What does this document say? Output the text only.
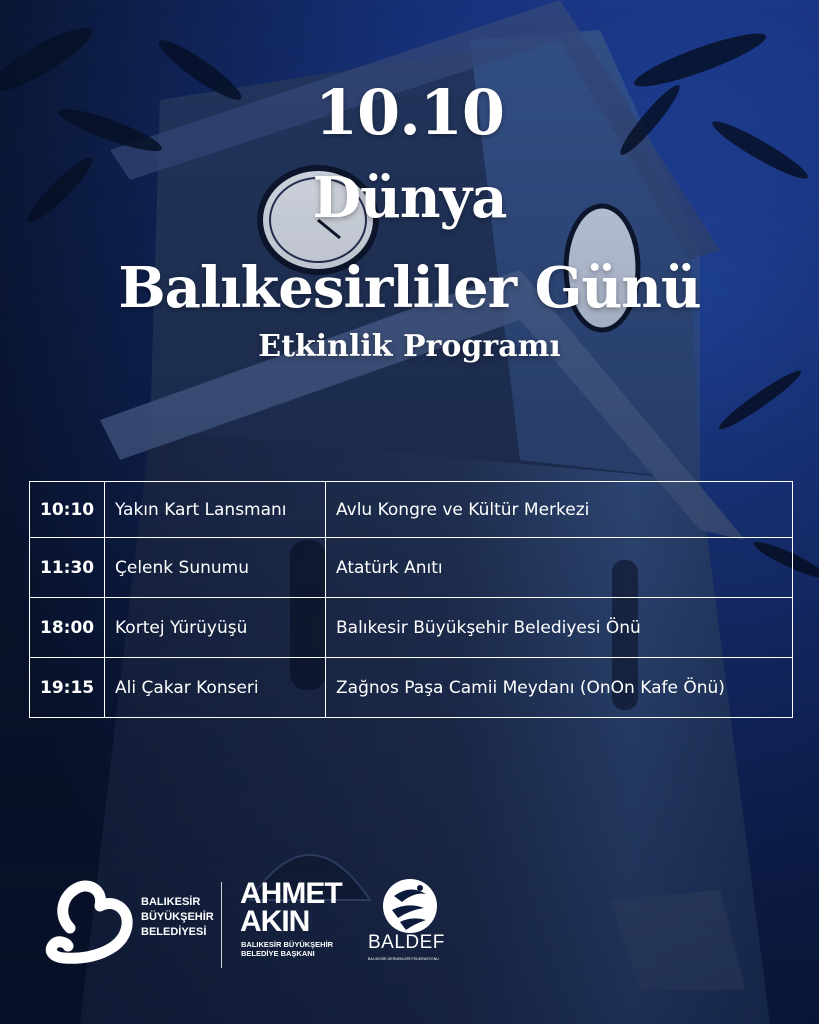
10.10
Dünya
Balıkesirliler Günü
Etkinlik Programı
10:10	Yakın Kart Lansmanı	Avlu Kongre ve Kültür Merkezi
11:30	Çelenk Sunumu	Atatürk Anıtı
18:00	Kortej Yürüyüşü	Balıkesir Büyükşehir Belediyesi Önü
19:15	Ali Çakar Konseri	Zağnos Paşa Camii Meydanı (OnOn Kafe Önü)
BALIKESİR
BÜYÜKŞEHİR
BELEDİYESİ
AHMET
AKIN
BALIKESİR BÜYÜKŞEHİR
BELEDİYE BAŞKANI
BALDEF
BALIKESİR DERNEKLERİ FEDERASYONU
